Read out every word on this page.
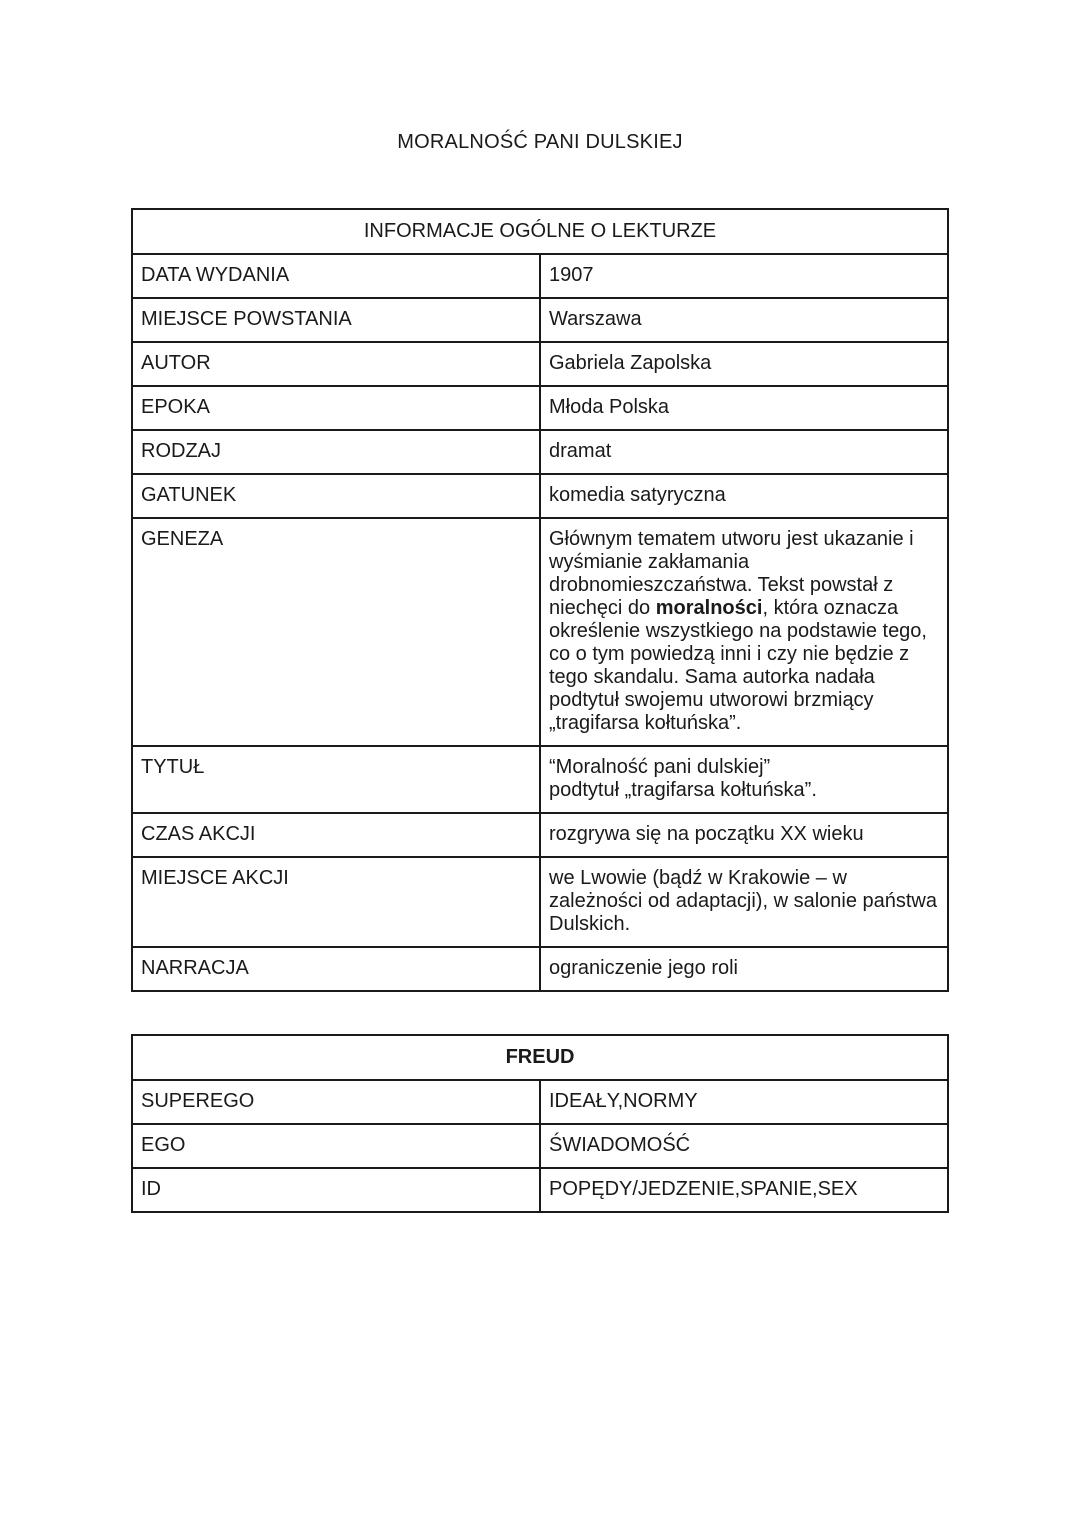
MORALNOŚĆ PANI DULSKIEJ
INFORMACJE OGÓLNE O LEKTURZE	
DATA WYDANIA	1907
MIEJSCE POWSTANIA	Warszawa
AUTOR	Gabriela Zapolska
EPOKA	Młoda Polska
RODZAJ	dramat
GATUNEK	komedia satyryczna
GENEZA	Głównym tematem utworu jest ukazanie i wyśmianie zakłamania drobnomieszczaństwa. Tekst powstał z niechęci do moralności, która oznacza określenie wszystkiego na podstawie tego, co o tym powiedzą inni i czy nie będzie z tego skandalu. Sama autorka nadała podtytuł swojemu utworowi brzmiący „tragifarsa kołtuńska”.
TYTUŁ	“Moralność pani dulskiej”
podtytuł „tragifarsa kołtuńska”.
CZAS AKCJI	rozgrywa się na początku XX wieku
MIEJSCE AKCJI	we Lwowie (bądź w Krakowie – w zależności od adaptacji), w salonie państwa Dulskich.
NARRACJA	ograniczenie jego roli
FREUD	
SUPEREGO	IDEAŁY,NORMY
EGO	ŚWIADOMOŚĆ
ID	POPĘDY/JEDZENIE,SPANIE,SEX
